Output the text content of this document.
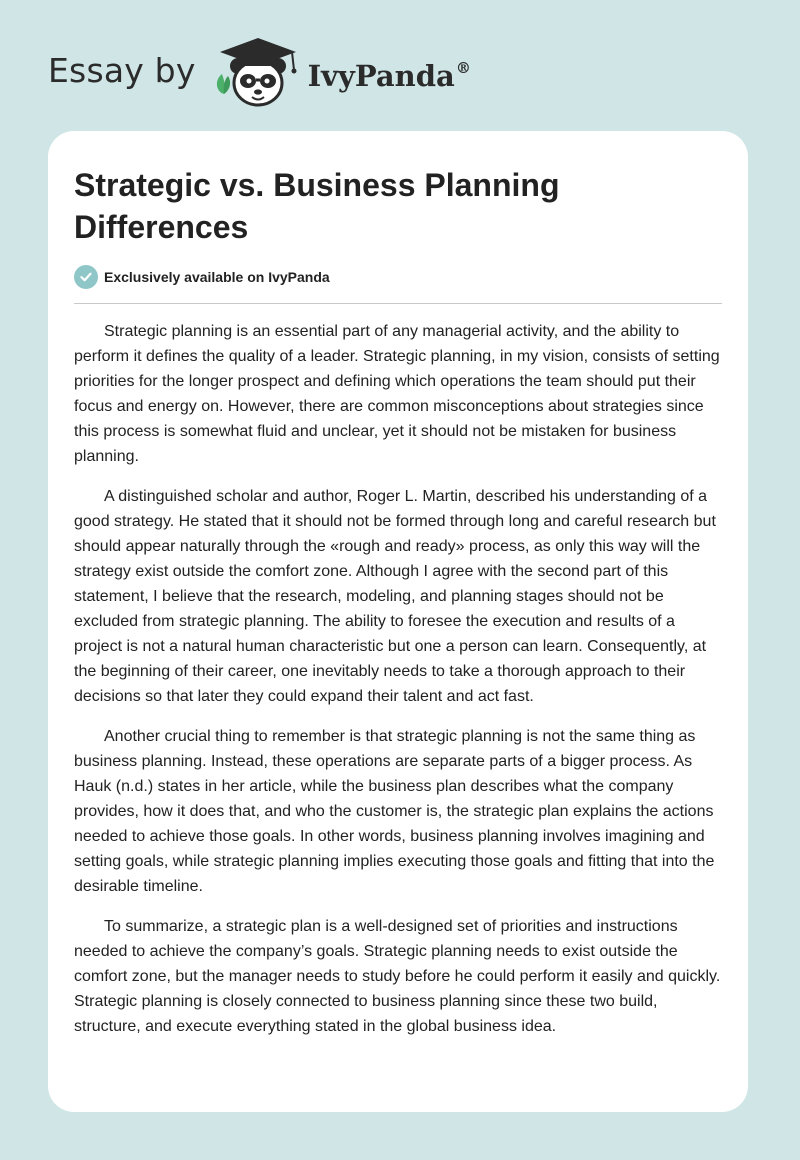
Essay by	IvyPanda®
Strategic vs. Business Planning Differences
Exclusively available on IvyPanda

Strategic planning is an essential part of any managerial activity, and the ability to perform it defines the quality of a leader. Strategic planning, in my vision, consists of setting priorities for the longer prospect and defining which operations the team should put their focus and energy on. However, there are common misconceptions about strategies since this process is somewhat fluid and unclear, yet it should not be mistaken for business planning.

A distinguished scholar and author, Roger L. Martin, described his understanding of a good strategy. He stated that it should not be formed through long and careful research but should appear naturally through the «rough and ready» process, as only this way will the strategy exist outside the comfort zone. Although I agree with the second part of this statement, I believe that the research, modeling, and planning stages should not be excluded from strategic planning. The ability to foresee the execution and results of a project is not a natural human characteristic but one a person can learn. Consequently, at the beginning of their career, one inevitably needs to take a thorough approach to their decisions so that later they could expand their talent and act fast.

Another crucial thing to remember is that strategic planning is not the same thing as business planning. Instead, these operations are separate parts of a bigger process. As Hauk (n.d.) states in her article, while the business plan describes what the company provides, how it does that, and who the customer is, the strategic plan explains the actions needed to achieve those goals. In other words, business planning involves imagining and setting goals, while strategic planning implies executing those goals and fitting that into the desirable timeline.

To summarize, a strategic plan is a well-designed set of priorities and instructions needed to achieve the company’s goals. Strategic planning needs to exist outside the comfort zone, but the manager needs to study before he could perform it easily and quickly. Strategic planning is closely connected to business planning since these two build, structure, and execute everything stated in the global business idea.
